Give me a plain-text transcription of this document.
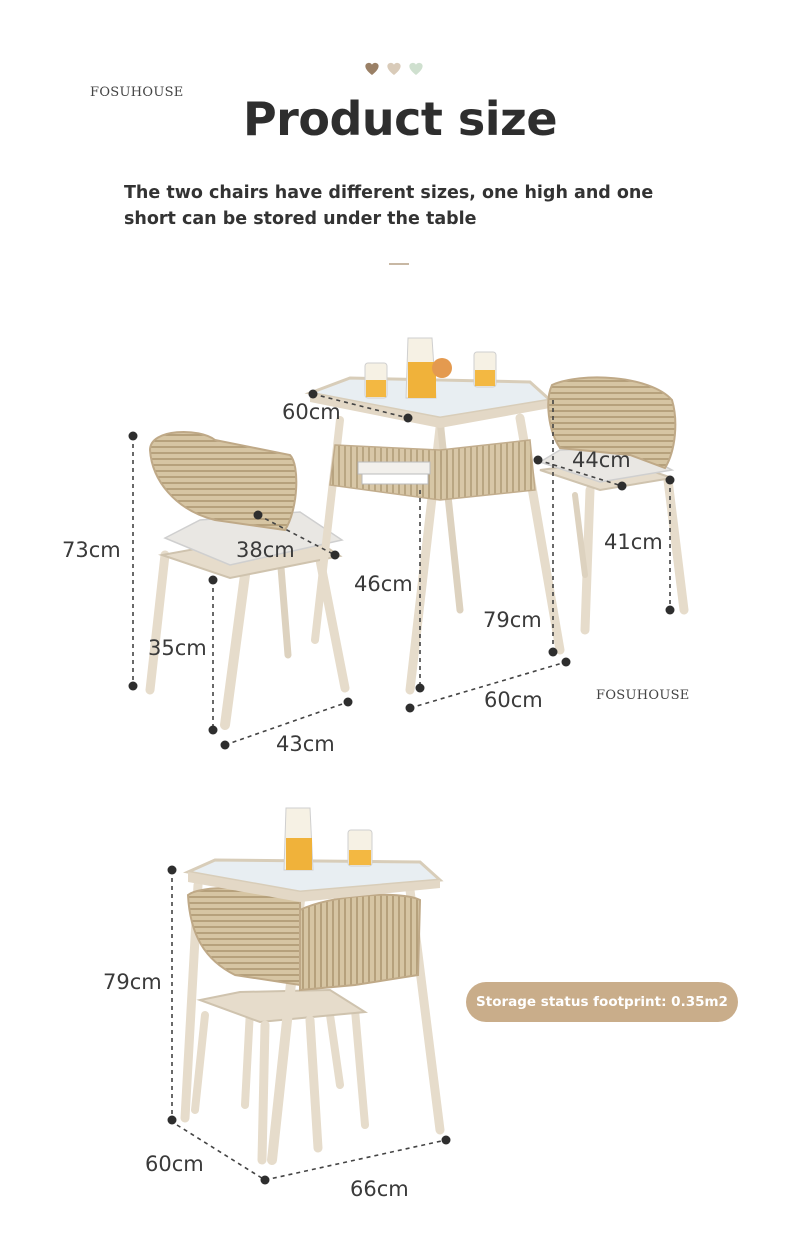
FOSUHOUSE	Product size
The two chairs have different sizes, one high and one short can be stored under the table
60cm
44cm
73cm	38cm	41cm
46cm
79cm
35cm
60cm
43cm
FOSUHOUSE
79cm
60cm
66cm
Storage status footprint: 0.35m2
